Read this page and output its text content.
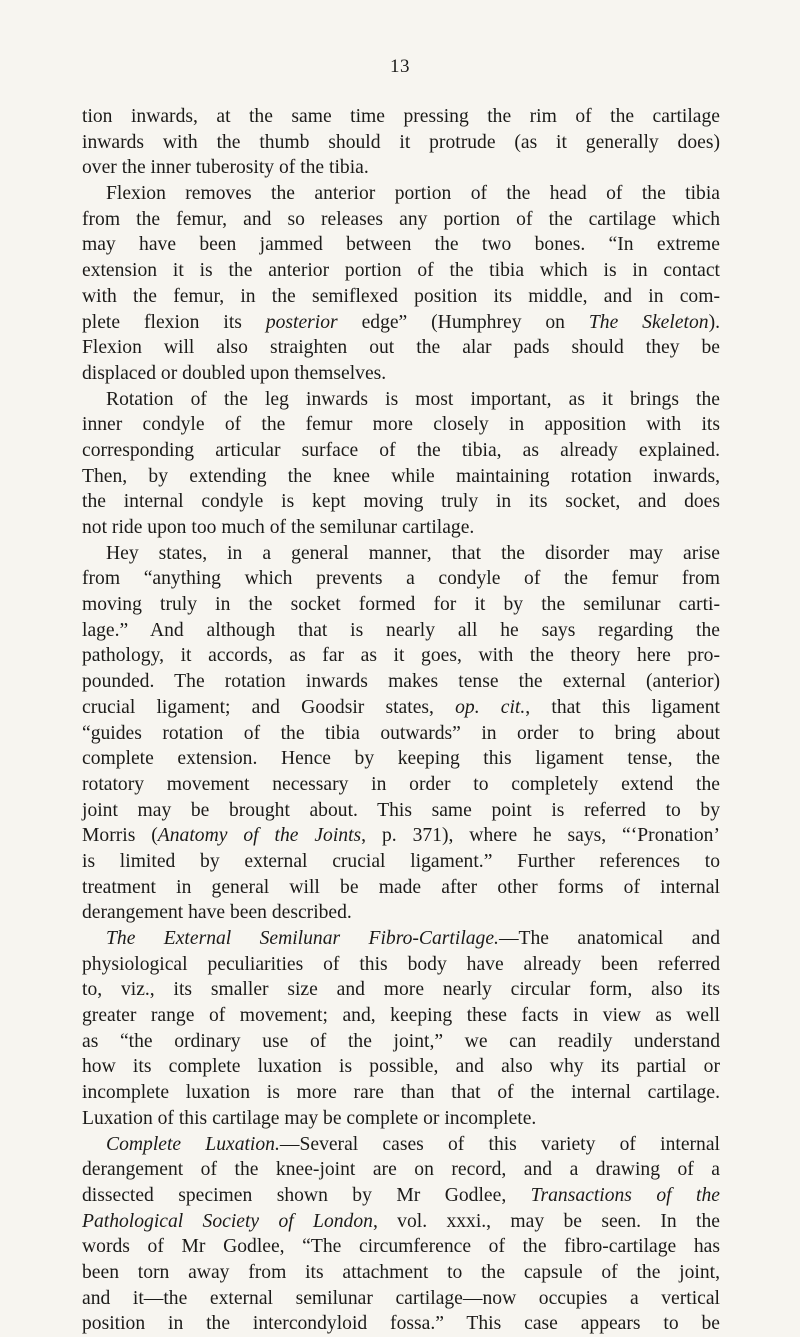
13
tion inwards, at the same time pressing the rim of the cartilage
inwards with the thumb should it protrude (as it generally does)
over the inner tuberosity of the tibia.
Flexion removes the anterior portion of the head of the tibia
from the femur, and so releases any portion of the cartilage which
may have been jammed between the two bones. “In extreme
extension it is the anterior portion of the tibia which is in contact
with the femur, in the semiflexed position its middle, and in com-
plete flexion its posterior edge” (Humphrey on The Skeleton).
Flexion will also straighten out the alar pads should they be
displaced or doubled upon themselves.
Rotation of the leg inwards is most important, as it brings the
inner condyle of the femur more closely in apposition with its
corresponding articular surface of the tibia, as already explained.
Then, by extending the knee while maintaining rotation inwards,
the internal condyle is kept moving truly in its socket, and does
not ride upon too much of the semilunar cartilage.
Hey states, in a general manner, that the disorder may arise
from “anything which prevents a condyle of the femur from
moving truly in the socket formed for it by the semilunar carti-
lage.” And although that is nearly all he says regarding the
pathology, it accords, as far as it goes, with the theory here pro-
pounded. The rotation inwards makes tense the external (anterior)
crucial ligament; and Goodsir states, op. cit., that this ligament
“guides rotation of the tibia outwards” in order to bring about
complete extension. Hence by keeping this ligament tense, the
rotatory movement necessary in order to completely extend the
joint may be brought about. This same point is referred to by
Morris (Anatomy of the Joints, p. 371), where he says, “‘Pronation’
is limited by external crucial ligament.” Further references to
treatment in general will be made after other forms of internal
derangement have been described.
The External Semilunar Fibro-Cartilage.—The anatomical and
physiological peculiarities of this body have already been referred
to, viz., its smaller size and more nearly circular form, also its
greater range of movement; and, keeping these facts in view as well
as “the ordinary use of the joint,” we can readily understand
how its complete luxation is possible, and also why its partial or
incomplete luxation is more rare than that of the internal cartilage.
Luxation of this cartilage may be complete or incomplete.
Complete Luxation.—Several cases of this variety of internal
derangement of the knee-joint are on record, and a drawing of a
dissected specimen shown by Mr Godlee, Transactions of the
Pathological Society of London, vol. xxxi., may be seen. In the
words of Mr Godlee, “The circumference of the fibro-cartilage has
been torn away from its attachment to the capsule of the joint,
and it—the external semilunar cartilage—now occupies a vertical
position in the intercondyloid fossa.” This case appears to be
